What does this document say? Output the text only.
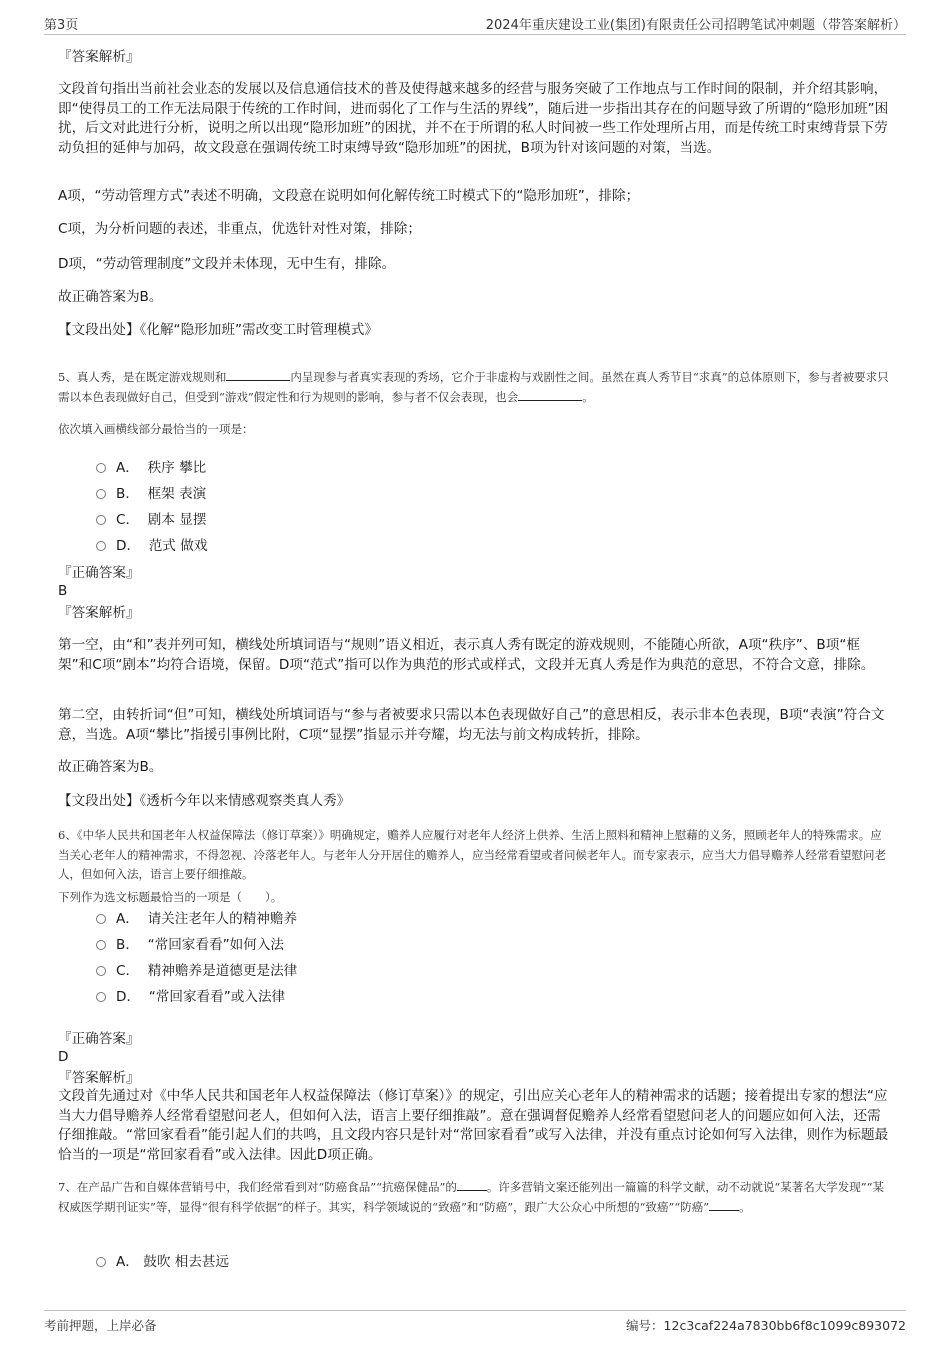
第3页	2024年重庆建设工业(集团)有限责任公司招聘笔试冲刺题（带答案解析）
『答案解析』
文段首句指出当前社会业态的发展以及信息通信技术的普及使得越来越多的经营与服务突破了工作地点与工作时间的限制，并介绍其影响，即“使得员工的工作无法局限于传统的工作时间，进而弱化了工作与生活的界线”，随后进一步指出其存在的问题导致了所谓的“隐形加班”困扰，后文对此进行分析，说明之所以出现“隐形加班”的困扰，并不在于所谓的私人时间被一些工作处理所占用，而是传统工时束缚背景下劳动负担的延伸与加码，故文段意在强调传统工时束缚导致“隐形加班”的困扰，B项为针对该问题的对策，当选。
A项，“劳动管理方式”表述不明确，文段意在说明如何化解传统工时模式下的“隐形加班”，排除；
C项，为分析问题的表述，非重点，优选针对性对策，排除；
D项，“劳动管理制度”文段并未体现，无中生有，排除。
故正确答案为B。
【文段出处】《化解“隐形加班”需改变工时管理模式》
5、真人秀，是在既定游戏规则和	内呈现参与者真实表现的秀场，它介于非虚构与戏剧性之间。虽然在真人秀节目“求真”的总体原则下，参与者被要求只需以本色表现做好自己，但受到“游戏”假定性和行为规则的影响，参与者不仅会表现，也会	。
依次填入画横线部分最恰当的一项是：
A． 秩序 攀比
B． 框架 表演
C． 剧本 显摆
D． 范式 做戏
『正确答案』
B
『答案解析』
第一空，由“和”表并列可知，横线处所填词语与“规则”语义相近，表示真人秀有既定的游戏规则，不能随心所欲，A项“秩序”、B项“框架”和C项“剧本”均符合语境，保留。D项“范式”指可以作为典范的形式或样式，文段并无真人秀是作为典范的意思，不符合文意，排除。
第二空，由转折词“但”可知，横线处所填词语与“参与者被要求只需以本色表现做好自己”的意思相反，表示非本色表现，B项“表演”符合文意，当选。A项“攀比”指援引事例比附，C项“显摆”指显示并夸耀，均无法与前文构成转折，排除。
故正确答案为B。
【文段出处】《透析今年以来情感观察类真人秀》
6、《中华人民共和国老年人权益保障法（修订草案）》明确规定，赡养人应履行对老年人经济上供养、生活上照料和精神上慰藉的义务，照顾老年人的特殊需求。应当关心老年人的精神需求，不得忽视、冷落老年人。与老年人分开居住的赡养人，应当经常看望或者问候老年人。而专家表示，应当大力倡导赡养人经常看望慰问老人，但如何入法，语言上要仔细推敲。
下列作为选文标题最恰当的一项是（　　）。
A． 请关注老年人的精神赡养
B． “常回家看看”如何入法
C． 精神赡养是道德更是法律
D． “常回家看看”或入法律
『正确答案』
D
『答案解析』
文段首先通过对《中华人民共和国老年人权益保障法（修订草案）》的规定，引出应关心老年人的精神需求的话题；接着提出专家的想法“应当大力倡导赡养人经常看望慰问老人，但如何入法，语言上要仔细推敲”。意在强调督促赡养人经常看望慰问老人的问题应如何入法，还需仔细推敲。“常回家看看”能引起人们的共鸣，且文段内容只是针对“常回家看看”或写入法律，并没有重点讨论如何写入法律，则作为标题最恰当的一项是“常回家看看”或入法律。因此D项正确。
7、在产品广告和自媒体营销号中，我们经常看到对“防癌食品”“抗癌保健品”的	。许多营销文案还能列出一篇篇的科学文献，动不动就说“某著名大学发现”“某权威医学期刊证实”等，显得“很有科学依据”的样子。其实，科学领域说的“致癌”和“防癌”，跟广大公众心中所想的“致癌”“防癌”	。
A． 鼓吹 相去甚远
考前押题，上岸必备	编号：12c3caf224a7830bb6f8c1099c893072
